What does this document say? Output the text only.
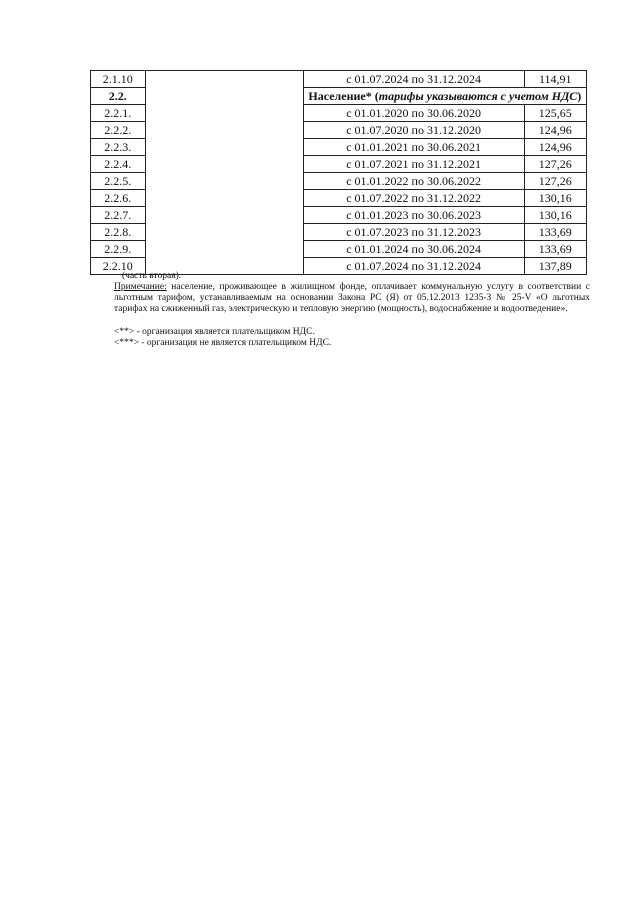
2.1.10		с 01.07.2024 по 31.12.2024	114,91
2.2.		Население* (тарифы указываются с учетом НДС)	
2.2.1.		с 01.01.2020 по 30.06.2020	125,65
2.2.2.		с 01.07.2020 по 31.12.2020	124,96
2.2.3.		с 01.01.2021 по 30.06.2021	124,96
2.2.4.		с 01.07.2021 по 31.12.2021	127,26
2.2.5.		с 01.01.2022 по 30.06.2022	127,26
2.2.6.		с 01.07.2022 по 31.12.2022	130,16
2.2.7.		с 01.01.2023 по 30.06.2023	130,16
2.2.8.		с 01.07.2023 по 31.12.2023	133,69
2.2.9.		с 01.01.2024 по 30.06.2024	133,69
2.2.10		с 01.07.2024 по 31.12.2024	137,89
(часть вторая).
Примечание: население, проживающее в жилищном фонде, оплачивает коммунальную услугу в соответствии с льготным тарифом, устанавливаемым на основании Закона РС (Я) от 05.12.2013 1235-З № 25-V «О льготных тарифах на сжиженный газ, электрическую и тепловую энергию (мощность), водоснабжение и водоотведение».
<**> - организация является плательщиком НДС.
<***> - организация не является плательщиком НДС.
